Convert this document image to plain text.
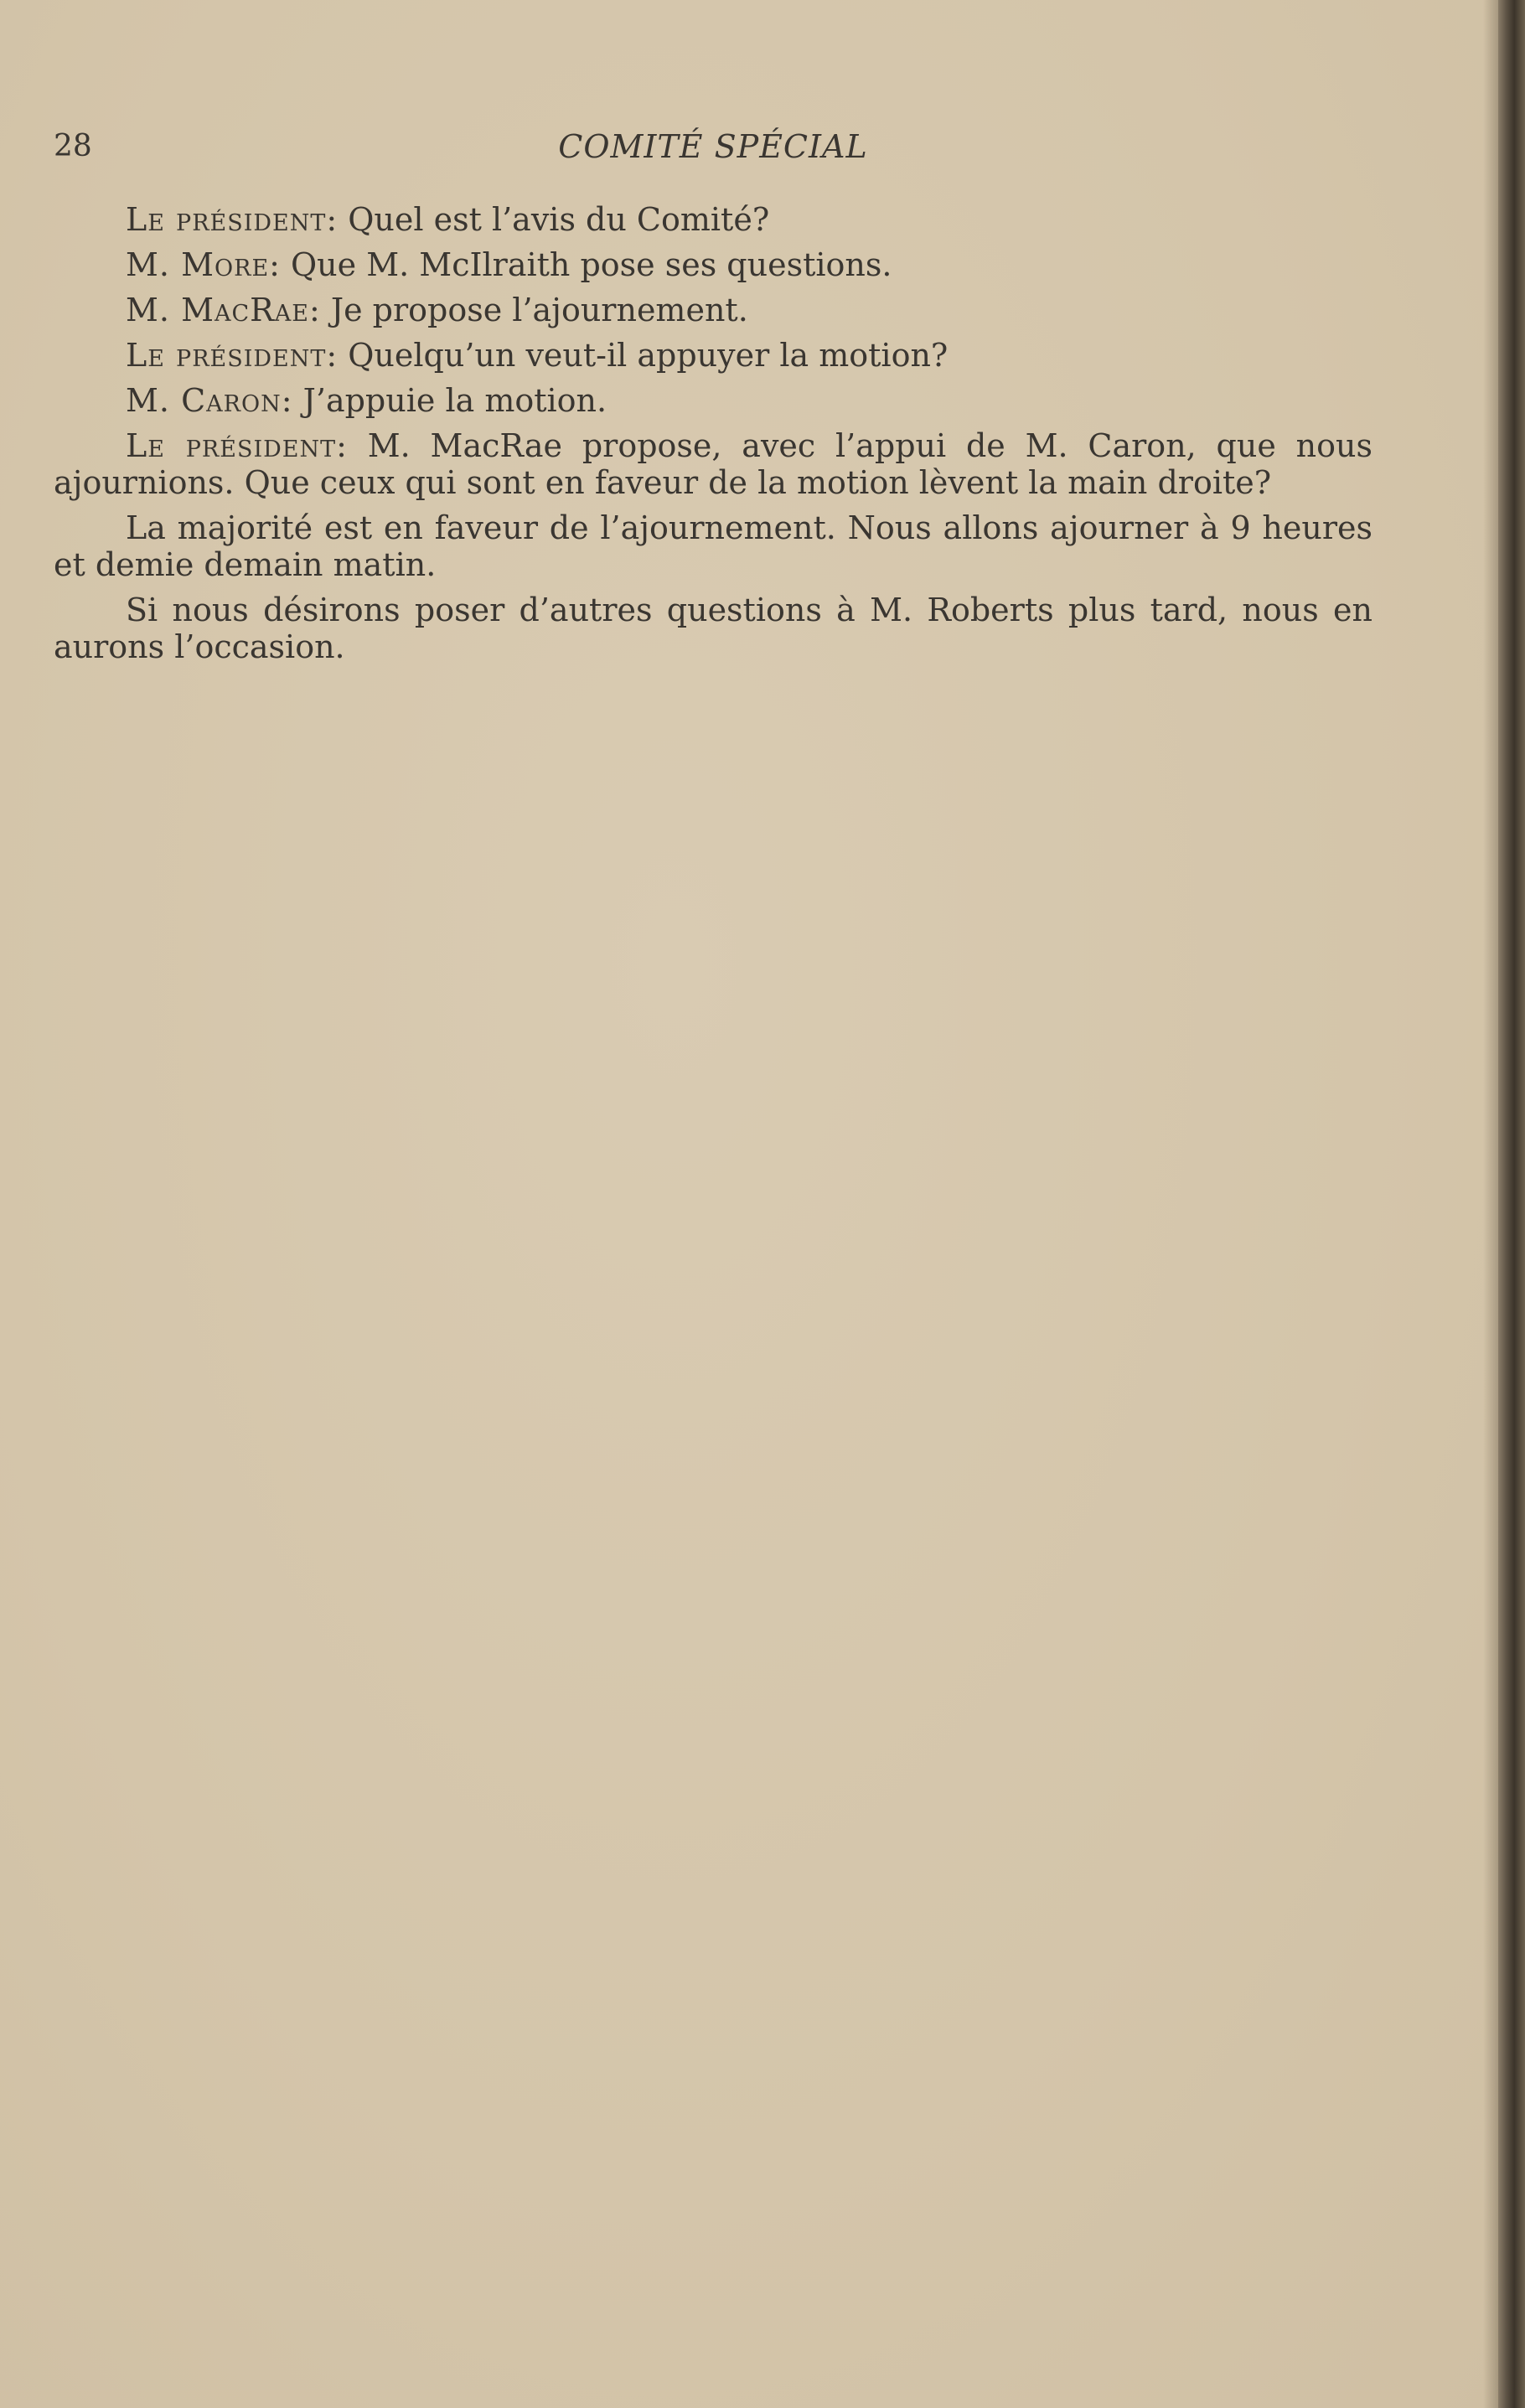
28	COMITÉ SPÉCIAL

Le président: Quel est l’avis du Comité?

M. More: Que M. McIlraith pose ses questions.

M. MacRae: Je propose l’ajournement.

Le président: Quelqu’un veut-il appuyer la motion?

M. Caron: J’appuie la motion.

Le président: M. MacRae propose, avec l’appui de M. Caron, que nous ajournions. Que ceux qui sont en faveur de la motion lèvent la main droite?

La majorité est en faveur de l’ajournement. Nous allons ajourner à 9 heures et demie demain matin.

Si nous désirons poser d’autres questions à M. Roberts plus tard, nous en aurons l’occasion.
